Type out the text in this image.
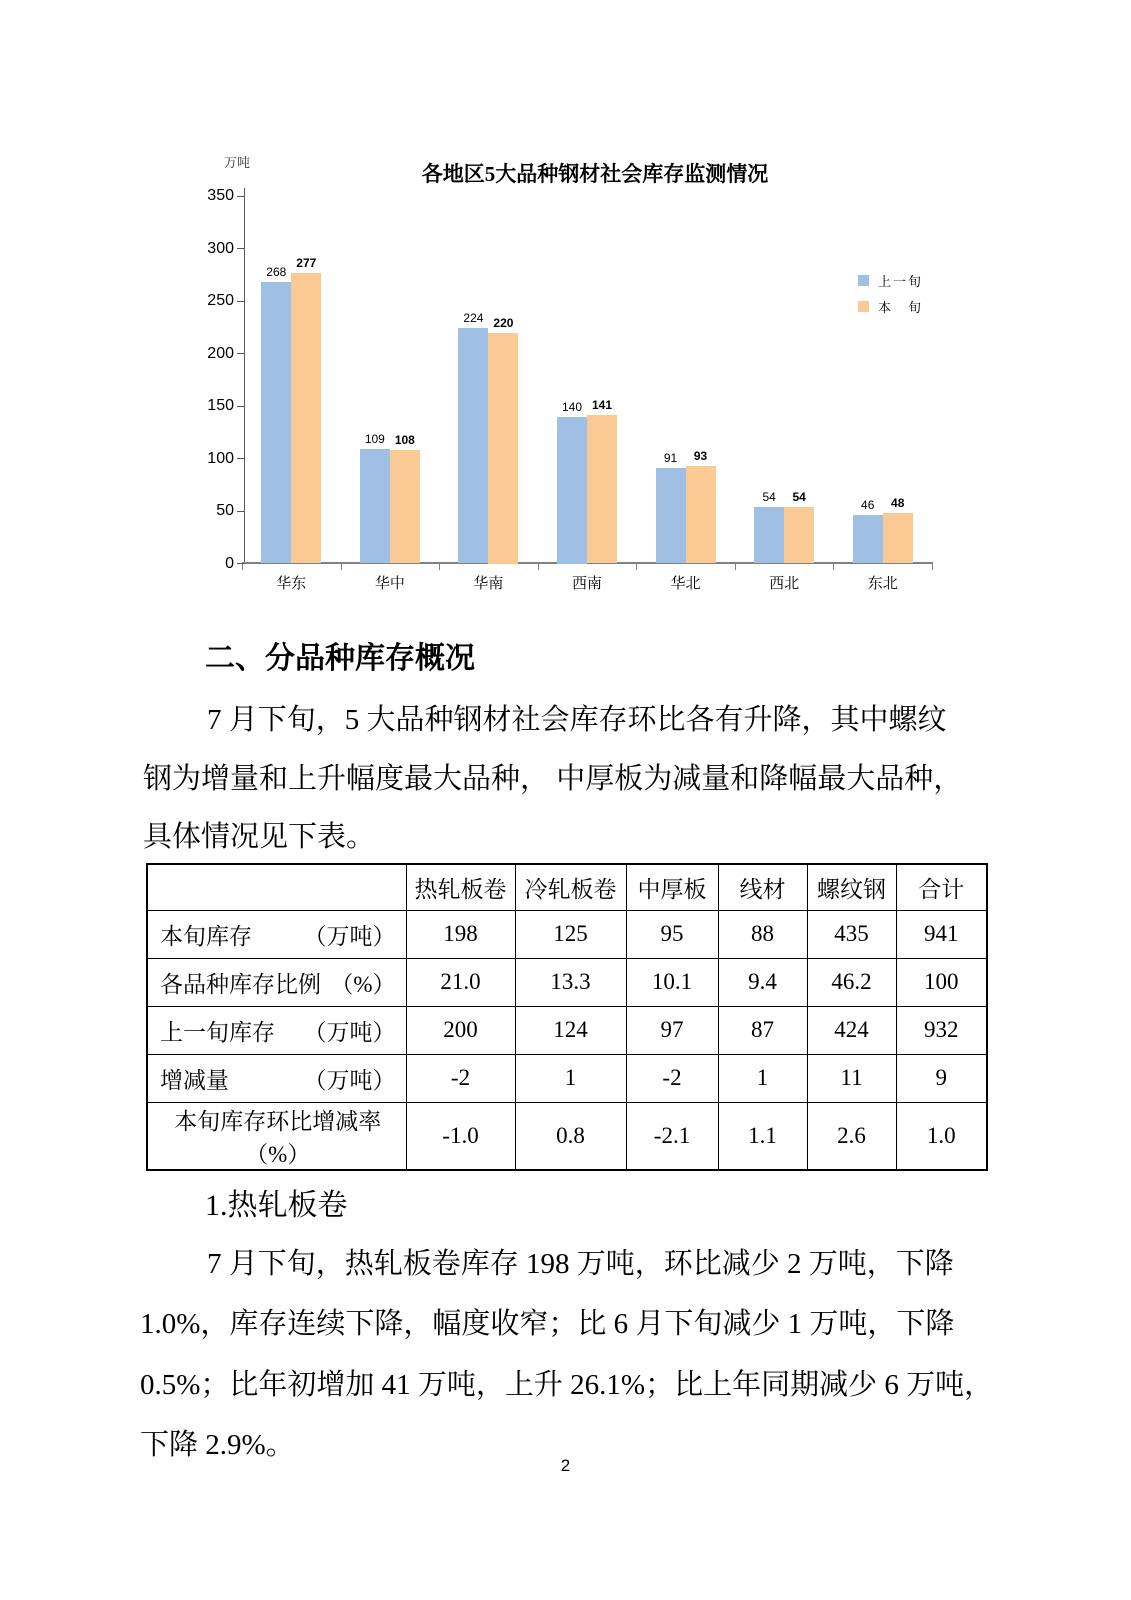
万吨	各地区5大品种钢材社会库存监测情况
0
50
100
150
200
250
300
350
268
277
华东
109 108
华中
224 220
华南
140 141
西南
91	93
华北
54	54
西北
46	48
东北
上一旬
本　旬
二、分品种库存概况
7 月下旬，5 大品种钢材社会库存环比各有升降，其中螺纹
钢为增量和上升幅度最大品种， 中厚板为减量和降幅最大品种，
具体情况见下表。
	热轧板卷	冷轧板卷	中厚板	线材	螺纹钢	合计

本旬库存 （万吨）	198	125	95	88	435	941

各品种库存比例 （%）	21.0	13.3	10.1	9.4	46.2	100

上一旬库存 （万吨）	200	124	97	87	424	932

增减量 （万吨）	-2	1	-2	1	11	9

本旬库存环比增减率（%）	-1.0	0.8	-2.1	1.1	2.6	1.0
1.热轧板卷
7 月下旬，热轧板卷库存 198 万吨，环比减少 2 万吨，下降
1.0%，库存连续下降，幅度收窄；比 6 月下旬减少 1 万吨，下降
0.5%；比年初增加 41 万吨，上升 26.1%；比上年同期减少 6 万吨，
下降 2.9%。
2
